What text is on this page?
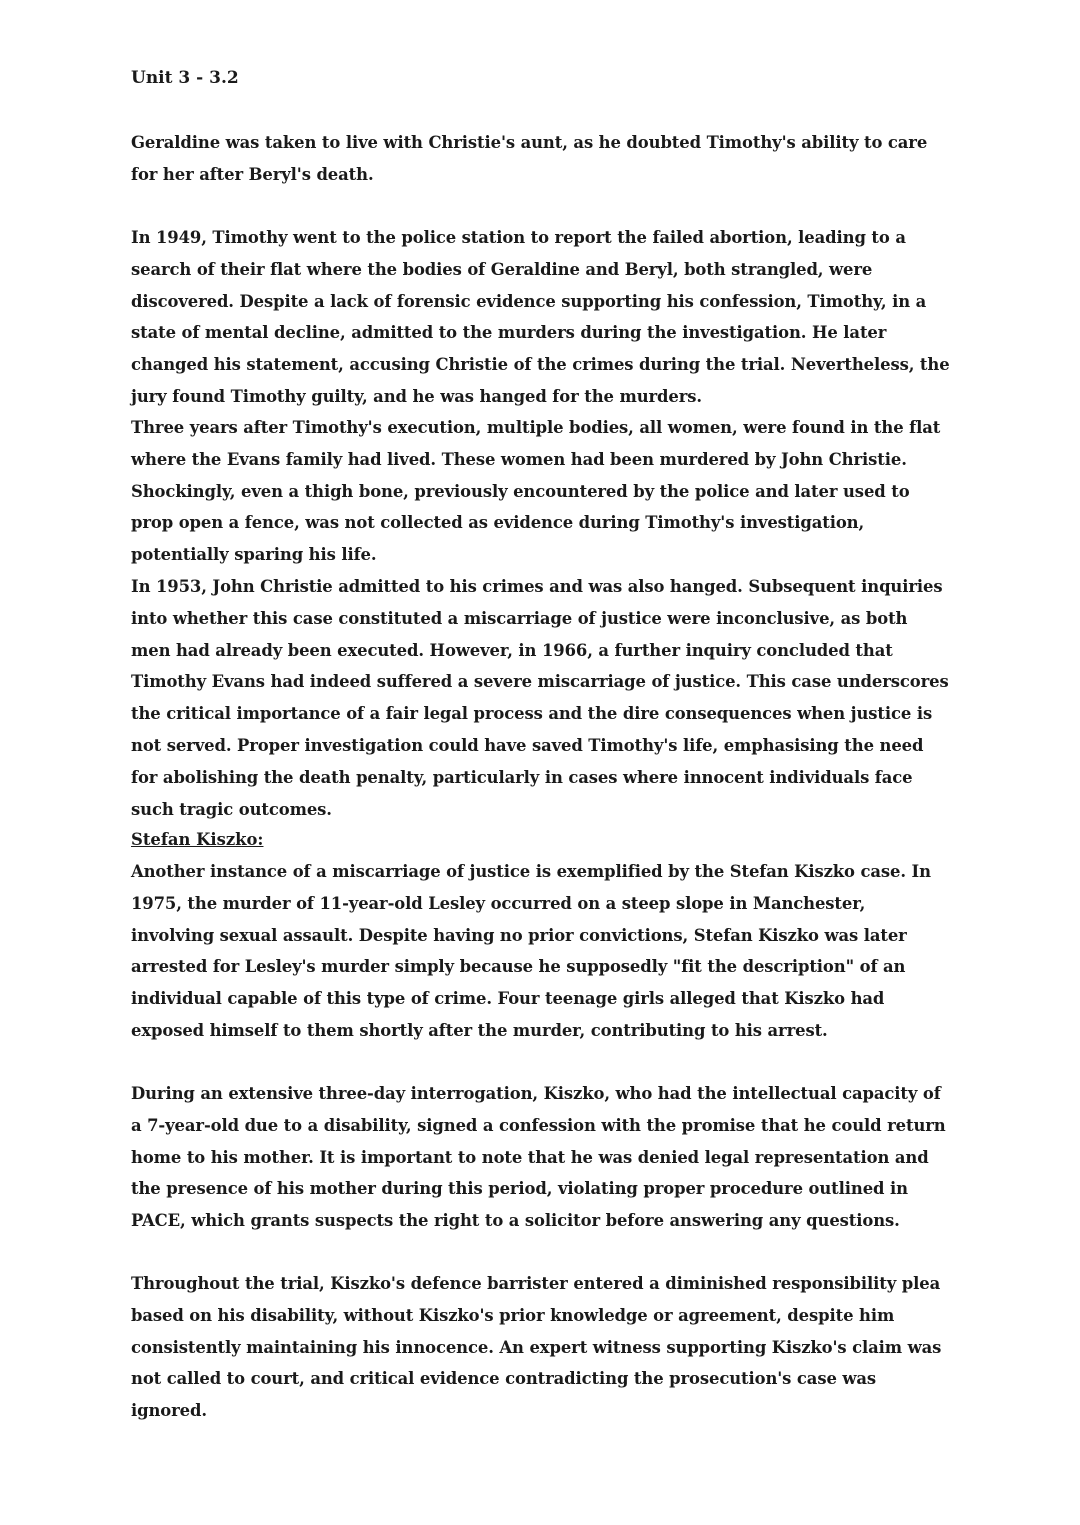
Unit 3 - 3.2

Geraldine was taken to live with Christie's aunt, as he doubted Timothy's ability to care for her after Beryl's death.

In 1949, Timothy went to the police station to report the failed abortion, leading to a search of their flat where the bodies of Geraldine and Beryl, both strangled, were discovered. Despite a lack of forensic evidence supporting his confession, Timothy, in a state of mental decline, admitted to the murders during the investigation. He later changed his statement, accusing Christie of the crimes during the trial. Nevertheless, the jury found Timothy guilty, and he was hanged for the murders.

Three years after Timothy's execution, multiple bodies, all women, were found in the flat where the Evans family had lived. These women had been murdered by John Christie. Shockingly, even a thigh bone, previously encountered by the police and later used to prop open a fence, was not collected as evidence during Timothy's investigation, potentially sparing his life.

In 1953, John Christie admitted to his crimes and was also hanged. Subsequent inquiries into whether this case constituted a miscarriage of justice were inconclusive, as both men had already been executed. However, in 1966, a further inquiry concluded that Timothy Evans had indeed suffered a severe miscarriage of justice. This case underscores the critical importance of a fair legal process and the dire consequences when justice is not served. Proper investigation could have saved Timothy's life, emphasising the need for abolishing the death penalty, particularly in cases where innocent individuals face such tragic outcomes.

Stefan Kiszko:

Another instance of a miscarriage of justice is exemplified by the Stefan Kiszko case. In 1975, the murder of 11-year-old Lesley occurred on a steep slope in Manchester, involving sexual assault. Despite having no prior convictions, Stefan Kiszko was later arrested for Lesley's murder simply because he supposedly "fit the description" of an individual capable of this type of crime. Four teenage girls alleged that Kiszko had exposed himself to them shortly after the murder, contributing to his arrest.

During an extensive three-day interrogation, Kiszko, who had the intellectual capacity of a 7-year-old due to a disability, signed a confession with the promise that he could return home to his mother. It is important to note that he was denied legal representation and the presence of his mother during this period, violating proper procedure outlined in PACE, which grants suspects the right to a solicitor before answering any questions.

Throughout the trial, Kiszko's defence barrister entered a diminished responsibility plea based on his disability, without Kiszko's prior knowledge or agreement, despite him consistently maintaining his innocence. An expert witness supporting Kiszko's claim was not called to court, and critical evidence contradicting the prosecution's case was ignored.
